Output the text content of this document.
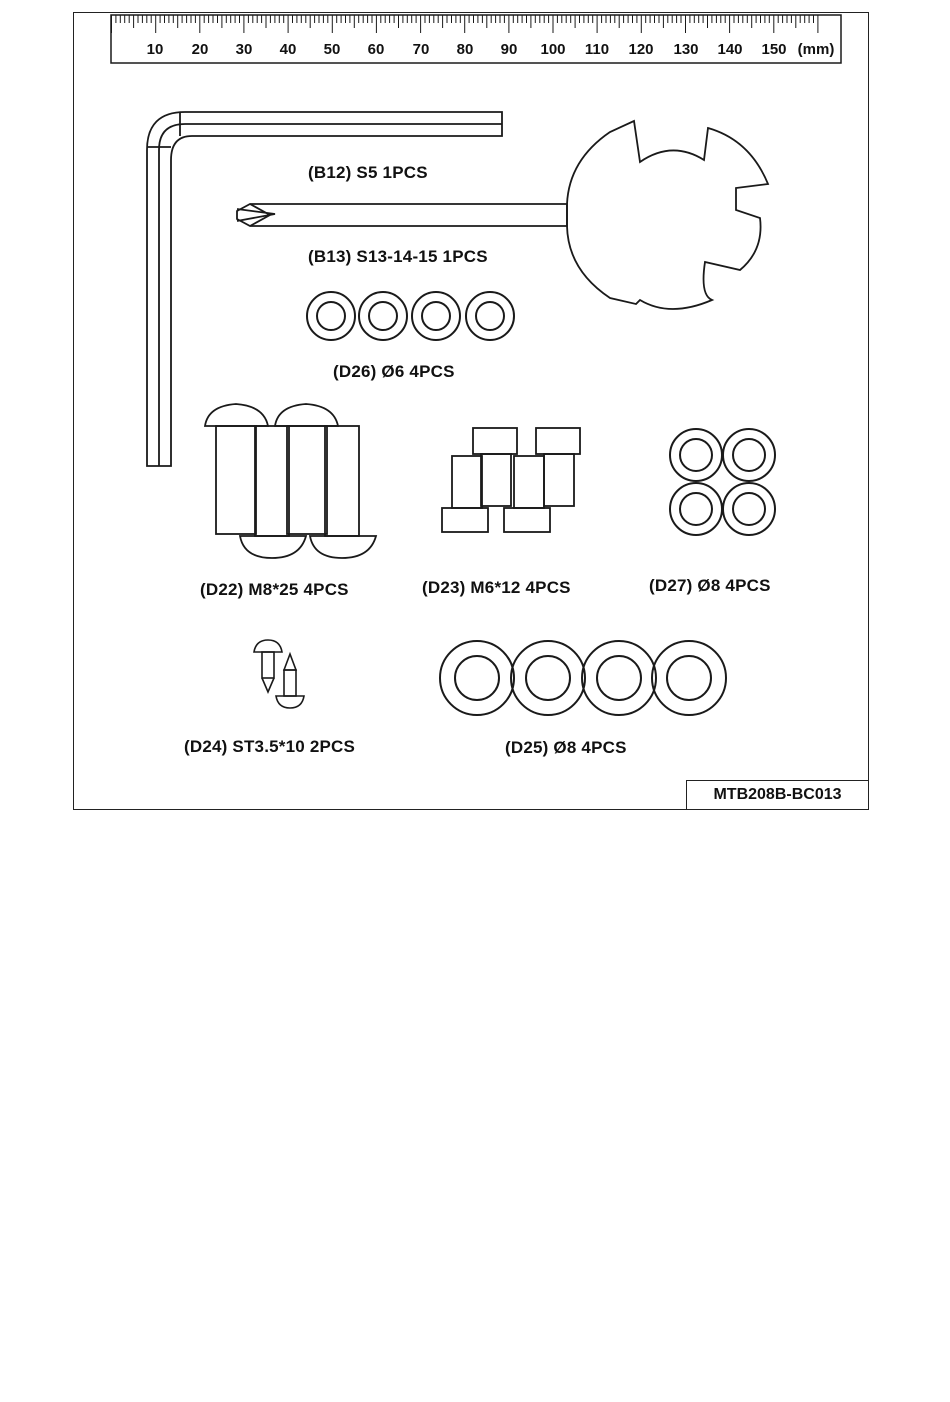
10 20 30 40 50 60 70 80 90 100 110 120 130 140 150 (mm)
(B12) S5 1PCS
(B13) S13-14-15 1PCS
(D26) Ø6 4PCS
(D22) M8*25 4PCS	(D23) M6*12 4PCS	(D27) Ø8 4PCS
(D24) ST3.5*10 2PCS	(D25) Ø8 4PCS
MTB208B-BC013
